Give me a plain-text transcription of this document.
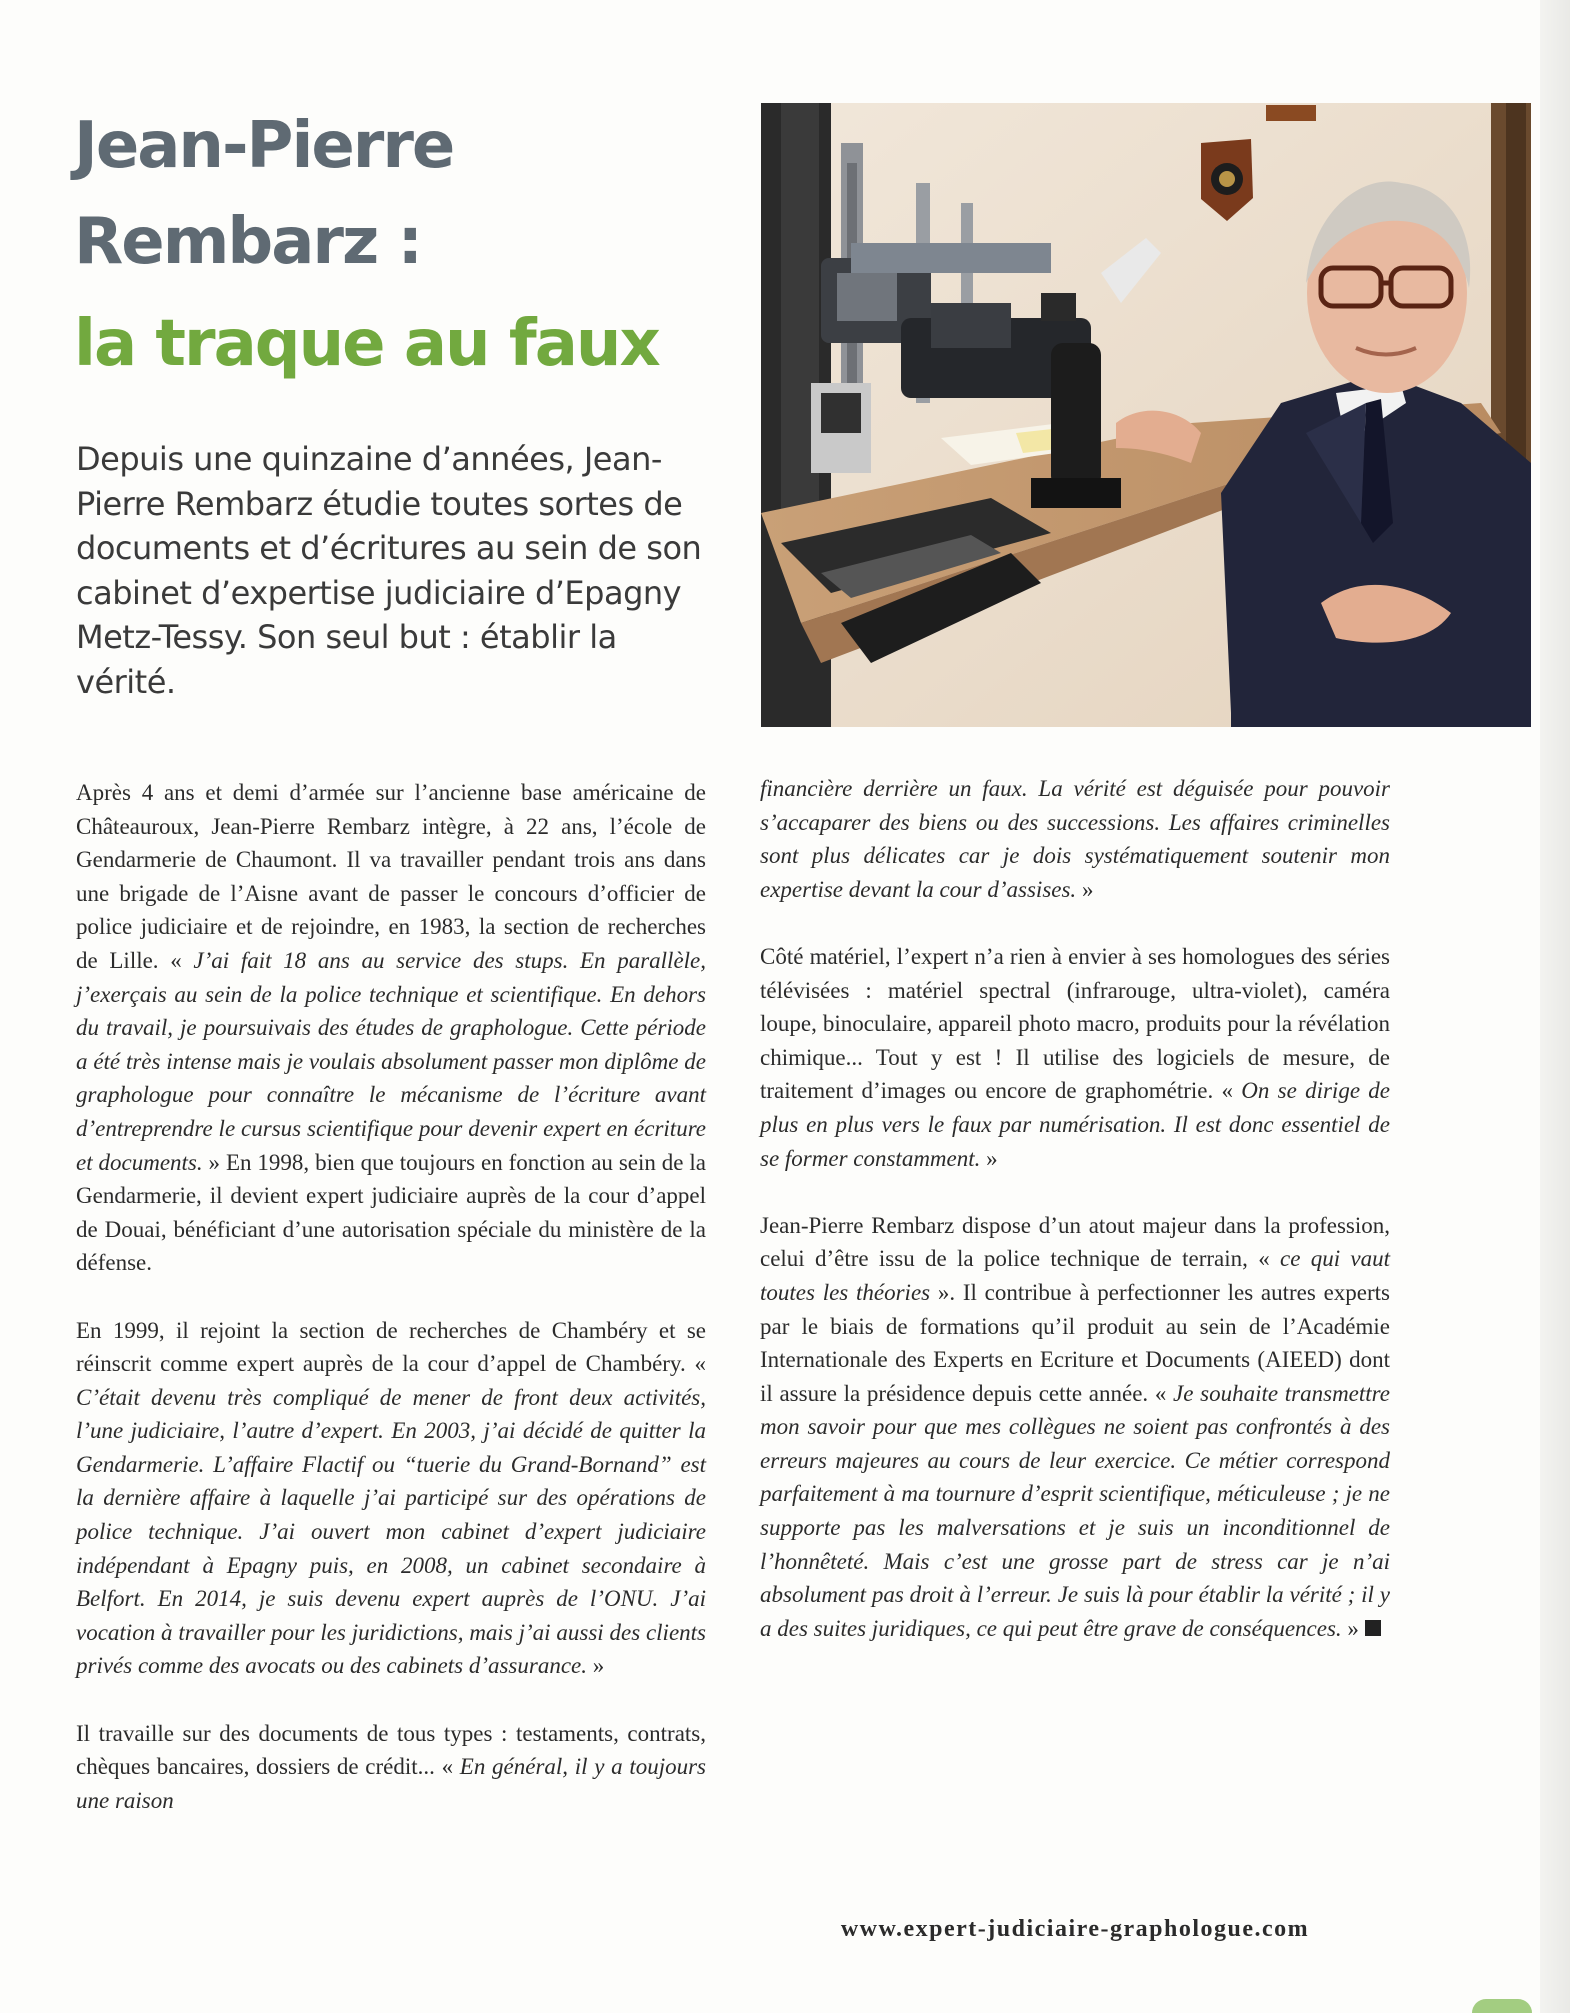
Jean-Pierre
Rembarz :
la traque au faux

Depuis une quinzaine d’années, Jean-Pierre Rembarz étudie toutes sortes de documents et d’écritures au sein de son cabinet d’expertise judiciaire d’Epagny Metz-Tessy. Son seul but : établir la vérité.

Après 4 ans et demi d’armée sur l’ancienne base américaine de Châteauroux, Jean-Pierre Rembarz intègre, à 22 ans, l’école de Gendarmerie de Chaumont. Il va travailler pendant trois ans dans une brigade de l’Aisne avant de passer le concours d’officier de police judiciaire et de rejoindre, en 1983, la section de recherches de Lille. « J’ai fait 18 ans au service des stups. En parallèle, j’exerçais au sein de la police technique et scientifique. En dehors du travail, je poursuivais des études de graphologue. Cette période a été très intense mais je voulais absolument passer mon diplôme de graphologue pour connaître le mécanisme de l’écriture avant d’entreprendre le cursus scientifique pour devenir expert en écriture et documents. » En 1998, bien que toujours en fonction au sein de la Gendarmerie, il devient expert judiciaire auprès de la cour d’appel de Douai, bénéficiant d’une autorisation spéciale du ministère de la défense.

En 1999, il rejoint la section de recherches de Chambéry et se réinscrit comme expert auprès de la cour d’appel de Chambéry. « C’était devenu très compliqué de mener de front deux activités, l’une judiciaire, l’autre d’expert. En 2003, j’ai décidé de quitter la Gendarmerie. L’affaire Flactif ou “tuerie du Grand-Bornand” est la dernière affaire à laquelle j’ai participé sur des opérations de police technique. J’ai ouvert mon cabinet d’expert judiciaire indépendant à Epagny puis, en 2008, un cabinet secondaire à Belfort. En 2014, je suis devenu expert auprès de l’ONU. J’ai vocation à travailler pour les juridictions, mais j’ai aussi des clients privés comme des avocats ou des cabinets d’assurance. »

Il travaille sur des documents de tous types : testaments, contrats, chèques bancaires, dossiers de crédit... « En général, il y a toujours une raison

financière derrière un faux. La vérité est déguisée pour pouvoir s’accaparer des biens ou des successions. Les affaires criminelles sont plus délicates car je dois systématiquement soutenir mon expertise devant la cour d’assises. »

Côté matériel, l’expert n’a rien à envier à ses homologues des séries télévisées : matériel spectral (infrarouge, ultra-violet), caméra loupe, binoculaire, appareil photo macro, produits pour la révélation chimique... Tout y est ! Il utilise des logiciels de mesure, de traitement d’images ou encore de graphométrie. « On se dirige de plus en plus vers le faux par numérisation. Il est donc essentiel de se former constamment. »

Jean-Pierre Rembarz dispose d’un atout majeur dans la profession, celui d’être issu de la police technique de terrain, « ce qui vaut toutes les théories ». Il contribue à perfectionner les autres experts par le biais de formations qu’il produit au sein de l’Académie Internationale des Experts en Ecriture et Documents (AIEED) dont il assure la présidence depuis cette année. « Je souhaite transmettre mon savoir pour que mes collègues ne soient pas confrontés à des erreurs majeures au cours de leur exercice. Ce métier correspond parfaitement à ma tournure d’esprit scientifique, méticuleuse ; je ne supporte pas les malversations et je suis un inconditionnel de l’honnêteté. Mais c’est une grosse part de stress car je n’ai absolument pas droit à l’erreur. Je suis là pour établir la vérité ; il y a des suites juridiques, ce qui peut être grave de conséquences. »

www.expert-judiciaire-graphologue.com
